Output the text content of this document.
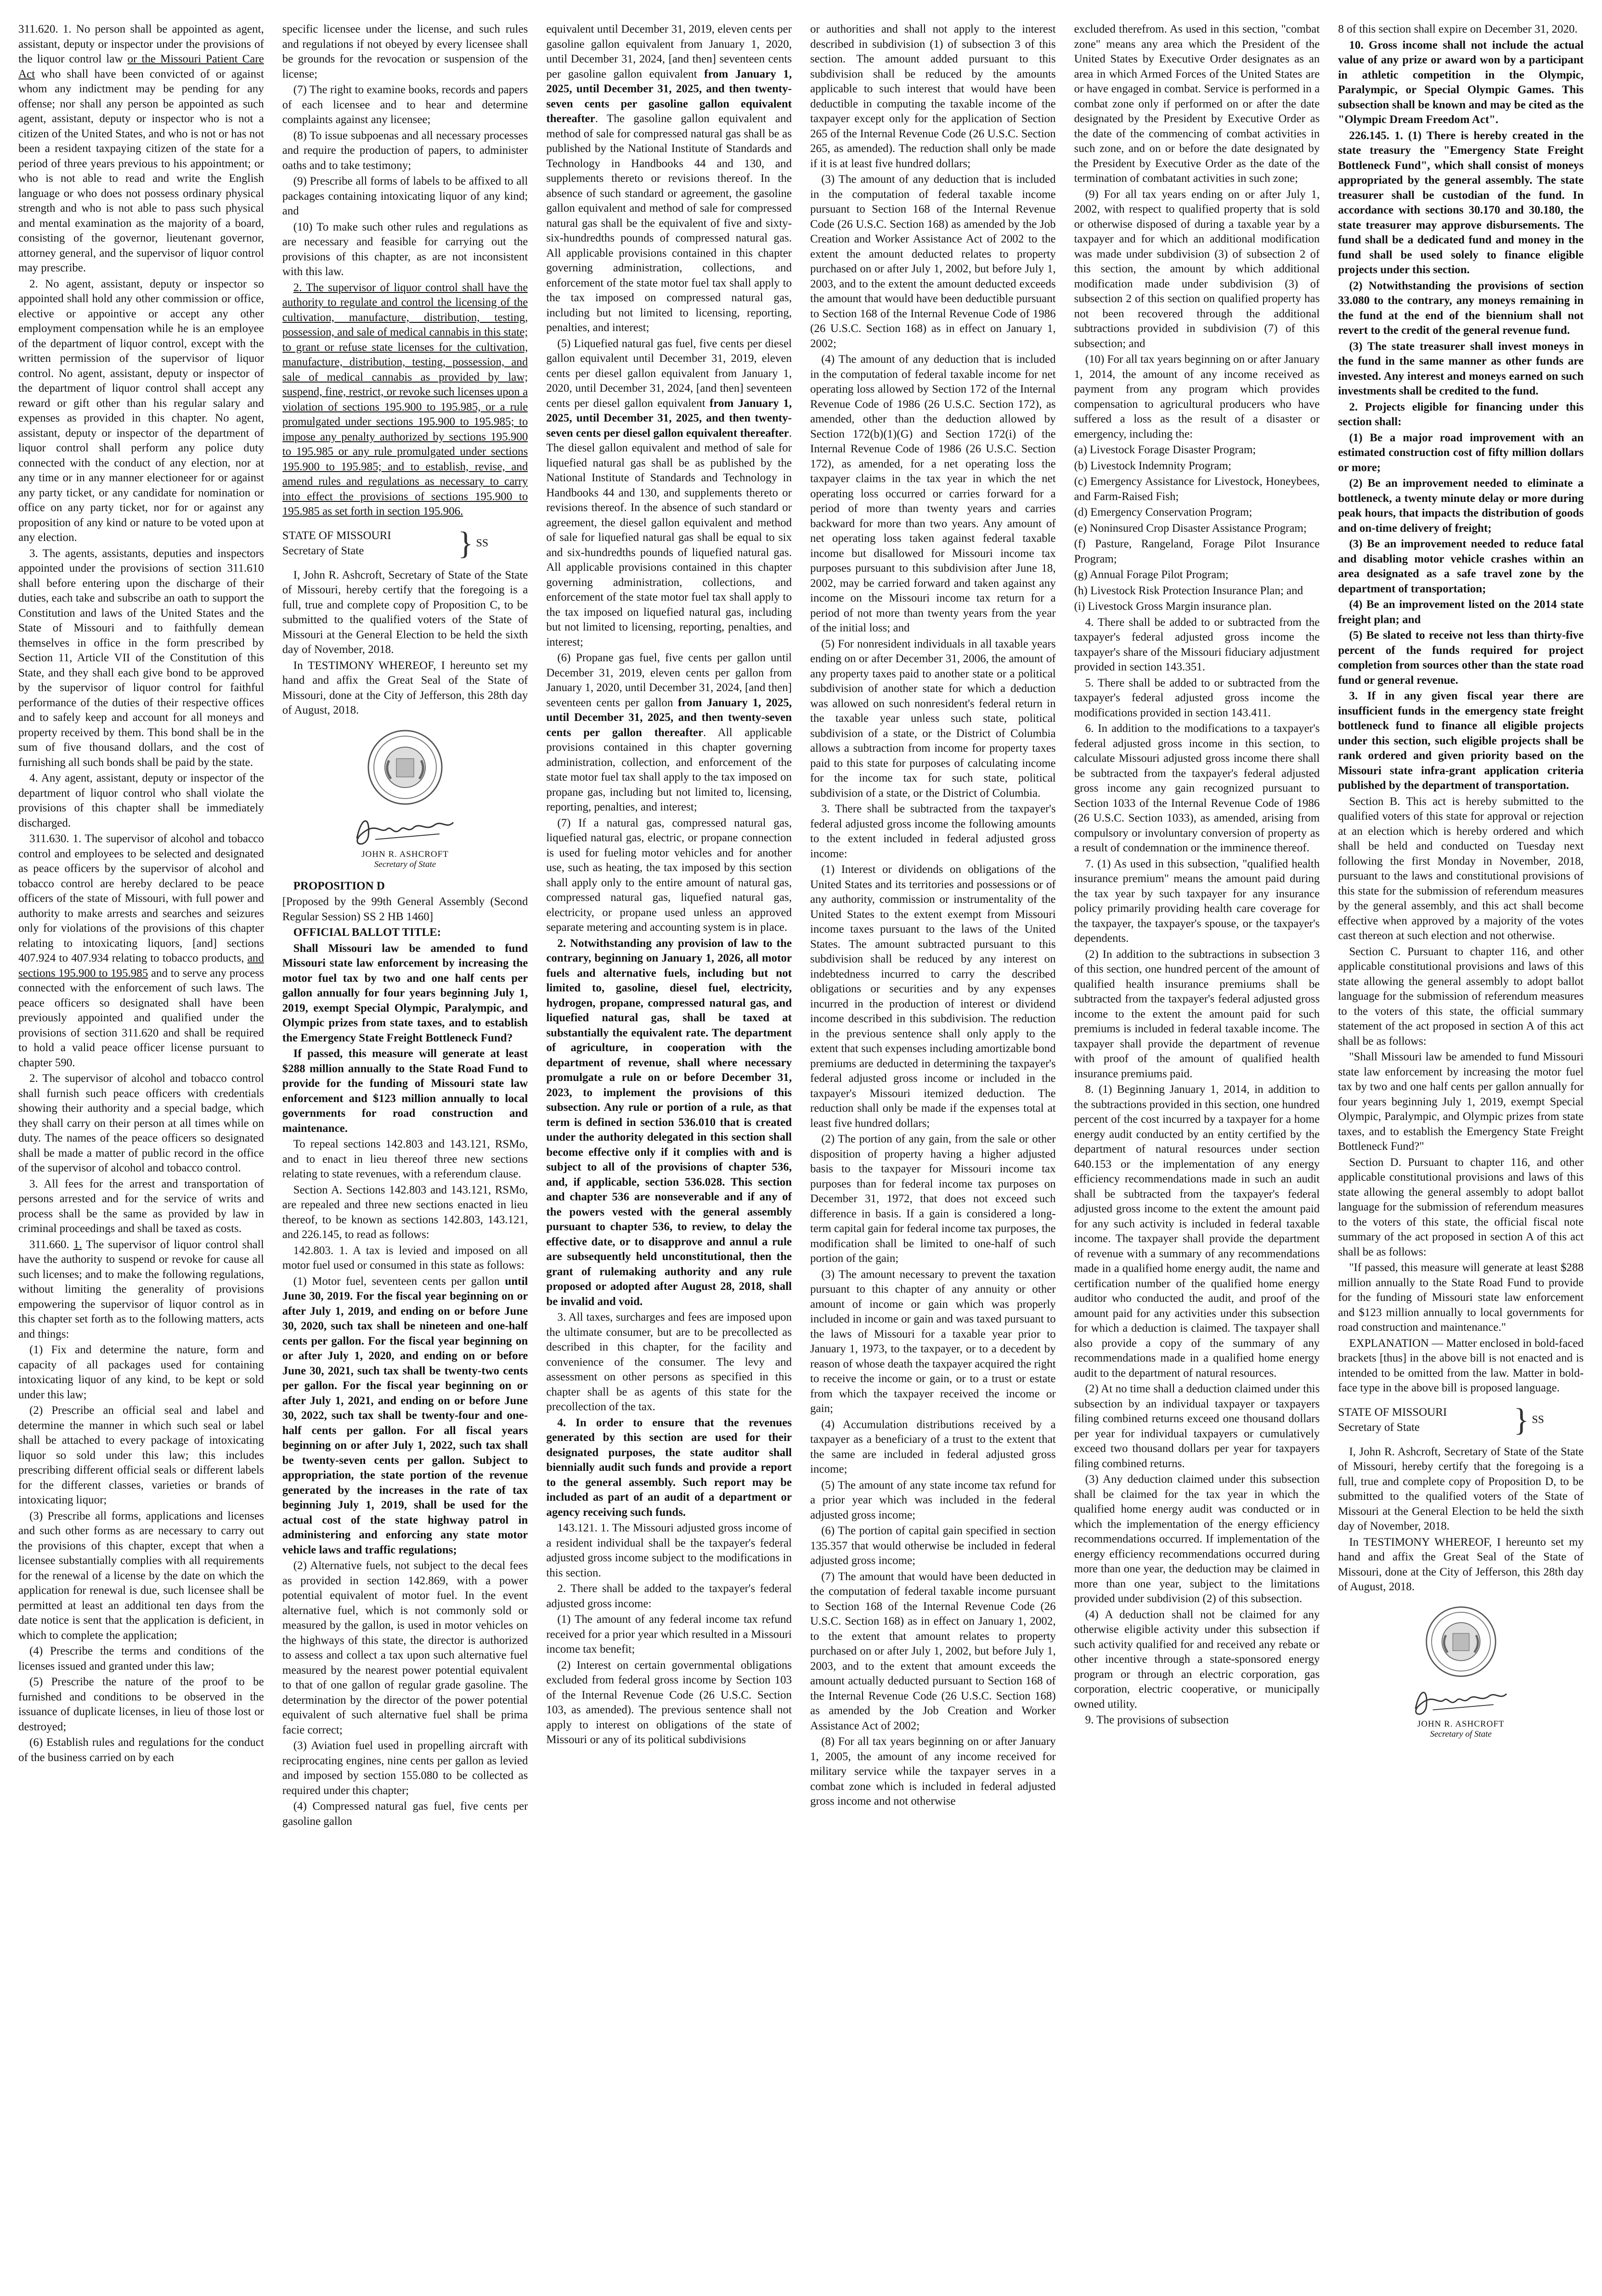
311.620. 1. No person shall be appointed as agent, assistant, deputy or inspector under the provisions of the liquor control law or the Missouri Patient Care Act who shall have been convicted of or against whom any indictment may be pending for any offense; nor shall any person be appointed as such agent, assistant, deputy or inspector who is not a citizen of the United States, and who is not or has not been a resident taxpaying citizen of the state for a period of three years previous to his appointment; or who is not able to read and write the English language or who does not possess ordinary physical strength and who is not able to pass such physical and mental examination as the majority of a board, consisting of the governor, lieutenant governor, attorney general, and the supervisor of liquor control may prescribe.

2. No agent, assistant, deputy or inspector so appointed shall hold any other commission or office, elective or appointive or accept any other employment compensation while he is an employee of the department of liquor control, except with the written permission of the supervisor of liquor control. No agent, assistant, deputy or inspector of the department of liquor control shall accept any reward or gift other than his regular salary and expenses as provided in this chapter. No agent, assistant, deputy or inspector of the department of liquor control shall perform any police duty connected with the conduct of any election, nor at any time or in any manner electioneer for or against any party ticket, or any candidate for nomination or office on any party ticket, nor for or against any proposition of any kind or nature to be voted upon at any election.

3. The agents, assistants, deputies and inspectors appointed under the provisions of section 311.610 shall before entering upon the discharge of their duties, each take and subscribe an oath to support the Constitution and laws of the United States and the State of Missouri and to faithfully demean themselves in office in the form prescribed by Section 11, Article VII of the Constitution of this State, and they shall each give bond to be approved by the supervisor of liquor control for faithful performance of the duties of their respective offices and to safely keep and account for all moneys and property received by them. This bond shall be in the sum of five thousand dollars, and the cost of furnishing all such bonds shall be paid by the state.

4. Any agent, assistant, deputy or inspector of the department of liquor control who shall violate the provisions of this chapter shall be immediately discharged.

311.630. 1. The supervisor of alcohol and tobacco control and employees to be selected and designated as peace officers by the supervisor of alcohol and tobacco control are hereby declared to be peace officers of the state of Missouri, with full power and authority to make arrests and searches and seizures only for violations of the provisions of this chapter relating to intoxicating liquors, [and] sections 407.924 to 407.934 relating to tobacco products, and sections 195.900 to 195.985 and to serve any process connected with the enforcement of such laws. The peace officers so designated shall have been previously appointed and qualified under the provisions of section 311.620 and shall be required to hold a valid peace officer license pursuant to chapter 590.

2. The supervisor of alcohol and tobacco control shall furnish such peace officers with credentials showing their authority and a special badge, which they shall carry on their person at all times while on duty. The names of the peace officers so designated shall be made a matter of public record in the office of the supervisor of alcohol and tobacco control.

3. All fees for the arrest and transportation of persons arrested and for the service of writs and process shall be the same as provided by law in criminal proceedings and shall be taxed as costs.

311.660. 1. The supervisor of liquor control shall have the authority to suspend or revoke for cause all such licenses; and to make the following regulations, without limiting the generality of provisions empowering the supervisor of liquor control as in this chapter set forth as to the following matters, acts and things:

(1) Fix and determine the nature, form and capacity of all packages used for containing intoxicating liquor of any kind, to be kept or sold under this law;

(2) Prescribe an official seal and label and determine the manner in which such seal or label shall be attached to every package of intoxicating liquor so sold under this law; this includes prescribing different official seals or different labels for the different classes, varieties or brands of intoxicating liquor;

(3) Prescribe all forms, applications and licenses and such other forms as are necessary to carry out the provisions of this chapter, except that when a licensee substantially complies with all requirements for the renewal of a license by the date on which the application for renewal is due, such licensee shall be permitted at least an additional ten days from the date notice is sent that the application is deficient, in which to complete the application;

(4) Prescribe the terms and conditions of the licenses issued and granted under this law;

(5) Prescribe the nature of the proof to be furnished and conditions to be observed in the issuance of duplicate licenses, in lieu of those lost or destroyed;

(6) Establish rules and regulations for the conduct of the business carried on by each

specific licensee under the license, and such rules and regulations if not obeyed by every licensee shall be grounds for the revocation or suspension of the license;

(7) The right to examine books, records and papers of each licensee and to hear and determine complaints against any licensee;

(8) To issue subpoenas and all necessary processes and require the production of papers, to administer oaths and to take testimony;

(9) Prescribe all forms of labels to be affixed to all packages containing intoxicating liquor of any kind; and

(10) To make such other rules and regulations as are necessary and feasible for carrying out the provisions of this chapter, as are not inconsistent with this law.

2. The supervisor of liquor control shall have the authority to regulate and control the licensing of the cultivation, manufacture, distribution, testing, possession, and sale of medical cannabis in this state; to grant or refuse state licenses for the cultivation, manufacture, distribution, testing, possession, and sale of medical cannabis as provided by law; suspend, fine, restrict, or revoke such licenses upon a violation of sections 195.900 to 195.985, or a rule promulgated under sections 195.900 to 195.985; to impose any penalty authorized by sections 195.900 to 195.985 or any rule promulgated under sections 195.900 to 195.985; and to establish, revise, and amend rules and regulations as necessary to carry into effect the provisions of sections 195.900 to 195.985 as set forth in section 195.906.

STATE OF MISSOURI
Secretary of State	} SS

I, John R. Ashcroft, Secretary of State of the State of Missouri, hereby certify that the foregoing is a full, true and complete copy of Proposition C, to be submitted to the qualified voters of the State of Missouri at the General Election to be held the sixth day of November, 2018.

In TESTIMONY WHEREOF, I hereunto set my hand and affix the Great Seal of the State of Missouri, done at the City of Jefferson, this 28th day of August, 2018.

JOHN R. ASHCROFT
Secretary of State

PROPOSITION D

[Proposed by the 99th General Assembly (Second Regular Session) SS 2 HB 1460]

OFFICIAL BALLOT TITLE:

Shall Missouri law be amended to fund Missouri state law enforcement by increasing the motor fuel tax by two and one half cents per gallon annually for four years beginning July 1, 2019, exempt Special Olympic, Paralympic, and Olympic prizes from state taxes, and to establish the Emergency State Freight Bottleneck Fund?

If passed, this measure will generate at least $288 million annually to the State Road Fund to provide for the funding of Missouri state law enforcement and $123 million annually to local governments for road construction and maintenance.

To repeal sections 142.803 and 143.121, RSMo, and to enact in lieu thereof three new sections relating to state revenues, with a referendum clause.

Section A. Sections 142.803 and 143.121, RSMo, are repealed and three new sections enacted in lieu thereof, to be known as sections 142.803, 143.121, and 226.145, to read as follows:

142.803. 1. A tax is levied and imposed on all motor fuel used or consumed in this state as follows:

(1) Motor fuel, seventeen cents per gallon until June 30, 2019. For the fiscal year beginning on or after July 1, 2019, and ending on or before June 30, 2020, such tax shall be nineteen and one-half cents per gallon. For the fiscal year beginning on or after July 1, 2020, and ending on or before June 30, 2021, such tax shall be twenty-two cents per gallon. For the fiscal year beginning on or after July 1, 2021, and ending on or before June 30, 2022, such tax shall be twenty-four and one-half cents per gallon. For all fiscal years beginning on or after July 1, 2022, such tax shall be twenty-seven cents per gallon. Subject to appropriation, the state portion of the revenue generated by the increases in the rate of tax beginning July 1, 2019, shall be used for the actual cost of the state highway patrol in administering and enforcing any state motor vehicle laws and traffic regulations;

(2) Alternative fuels, not subject to the decal fees as provided in section 142.869, with a power potential equivalent of motor fuel. In the event alternative fuel, which is not commonly sold or measured by the gallon, is used in motor vehicles on the highways of this state, the director is authorized to assess and collect a tax upon such alternative fuel measured by the nearest power potential equivalent to that of one gallon of regular grade gasoline. The determination by the director of the power potential equivalent of such alternative fuel shall be prima facie correct;

(3) Aviation fuel used in propelling aircraft with reciprocating engines, nine cents per gallon as levied and imposed by section 155.080 to be collected as required under this chapter;

(4) Compressed natural gas fuel, five cents per gasoline gallon

equivalent until December 31, 2019, eleven cents per gasoline gallon equivalent from January 1, 2020, until December 31, 2024, [and then] seventeen cents per gasoline gallon equivalent from January 1, 2025, until December 31, 2025, and then twenty-seven cents per gasoline gallon equivalent thereafter. The gasoline gallon equivalent and method of sale for compressed natural gas shall be as published by the National Institute of Standards and Technology in Handbooks 44 and 130, and supplements thereto or revisions thereof. In the absence of such standard or agreement, the gasoline gallon equivalent and method of sale for compressed natural gas shall be the equivalent of five and sixty-six-hundredths pounds of compressed natural gas. All applicable provisions contained in this chapter governing administration, collections, and enforcement of the state motor fuel tax shall apply to the tax imposed on compressed natural gas, including but not limited to licensing, reporting, penalties, and interest;

(5) Liquefied natural gas fuel, five cents per diesel gallon equivalent until December 31, 2019, eleven cents per diesel gallon equivalent from January 1, 2020, until December 31, 2024, [and then] seventeen cents per diesel gallon equivalent from January 1, 2025, until December 31, 2025, and then twenty-seven cents per diesel gallon equivalent thereafter. The diesel gallon equivalent and method of sale for liquefied natural gas shall be as published by the National Institute of Standards and Technology in Handbooks 44 and 130, and supplements thereto or revisions thereof. In the absence of such standard or agreement, the diesel gallon equivalent and method of sale for liquefied natural gas shall be equal to six and six-hundredths pounds of liquefied natural gas. All applicable provisions contained in this chapter governing administration, collections, and enforcement of the state motor fuel tax shall apply to the tax imposed on liquefied natural gas, including but not limited to licensing, reporting, penalties, and interest;

(6) Propane gas fuel, five cents per gallon until December 31, 2019, eleven cents per gallon from January 1, 2020, until December 31, 2024, [and then] seventeen cents per gallon from January 1, 2025, until December 31, 2025, and then twenty-seven cents per gallon thereafter. All applicable provisions contained in this chapter governing administration, collection, and enforcement of the state motor fuel tax shall apply to the tax imposed on propane gas, including but not limited to, licensing, reporting, penalties, and interest;

(7) If a natural gas, compressed natural gas, liquefied natural gas, electric, or propane connection is used for fueling motor vehicles and for another use, such as heating, the tax imposed by this section shall apply only to the entire amount of natural gas, compressed natural gas, liquefied natural gas, electricity, or propane used unless an approved separate metering and accounting system is in place.

2. Notwithstanding any provision of law to the contrary, beginning on January 1, 2026, all motor fuels and alternative fuels, including but not limited to, gasoline, diesel fuel, electricity, hydrogen, propane, compressed natural gas, and liquefied natural gas, shall be taxed at substantially the equivalent rate. The department of agriculture, in cooperation with the department of revenue, shall where necessary promulgate a rule on or before December 31, 2023, to implement the provisions of this subsection. Any rule or portion of a rule, as that term is defined in section 536.010 that is created under the authority delegated in this section shall become effective only if it complies with and is subject to all of the provisions of chapter 536, and, if applicable, section 536.028. This section and chapter 536 are nonseverable and if any of the powers vested with the general assembly pursuant to chapter 536, to review, to delay the effective date, or to disapprove and annul a rule are subsequently held unconstitutional, then the grant of rulemaking authority and any rule proposed or adopted after August 28, 2018, shall be invalid and void.

3. All taxes, surcharges and fees are imposed upon the ultimate consumer, but are to be precollected as described in this chapter, for the facility and convenience of the consumer. The levy and assessment on other persons as specified in this chapter shall be as agents of this state for the precollection of the tax.

4. In order to ensure that the revenues generated by this section are used for their designated purposes, the state auditor shall biennially audit such funds and provide a report to the general assembly. Such report may be included as part of an audit of a department or agency receiving such funds.

143.121. 1. The Missouri adjusted gross income of a resident individual shall be the taxpayer's federal adjusted gross income subject to the modifications in this section.

2. There shall be added to the taxpayer's federal adjusted gross income:

(1) The amount of any federal income tax refund received for a prior year which resulted in a Missouri income tax benefit;

(2) Interest on certain governmental obligations excluded from federal gross income by Section 103 of the Internal Revenue Code (26 U.S.C. Section 103, as amended). The previous sentence shall not apply to interest on obligations of the state of Missouri or any of its political subdivisions

or authorities and shall not apply to the interest described in subdivision (1) of subsection 3 of this section. The amount added pursuant to this subdivision shall be reduced by the amounts applicable to such interest that would have been deductible in computing the taxable income of the taxpayer except only for the application of Section 265 of the Internal Revenue Code (26 U.S.C. Section 265, as amended). The reduction shall only be made if it is at least five hundred dollars;

(3) The amount of any deduction that is included in the computation of federal taxable income pursuant to Section 168 of the Internal Revenue Code (26 U.S.C. Section 168) as amended by the Job Creation and Worker Assistance Act of 2002 to the extent the amount deducted relates to property purchased on or after July 1, 2002, but before July 1, 2003, and to the extent the amount deducted exceeds the amount that would have been deductible pursuant to Section 168 of the Internal Revenue Code of 1986 (26 U.S.C. Section 168) as in effect on January 1, 2002;

(4) The amount of any deduction that is included in the computation of federal taxable income for net operating loss allowed by Section 172 of the Internal Revenue Code of 1986 (26 U.S.C. Section 172), as amended, other than the deduction allowed by Section 172(b)(1)(G) and Section 172(i) of the Internal Revenue Code of 1986 (26 U.S.C. Section 172), as amended, for a net operating loss the taxpayer claims in the tax year in which the net operating loss occurred or carries forward for a period of more than twenty years and carries backward for more than two years. Any amount of net operating loss taken against federal taxable income but disallowed for Missouri income tax purposes pursuant to this subdivision after June 18, 2002, may be carried forward and taken against any income on the Missouri income tax return for a period of not more than twenty years from the year of the initial loss; and

(5) For nonresident individuals in all taxable years ending on or after December 31, 2006, the amount of any property taxes paid to another state or a political subdivision of another state for which a deduction was allowed on such nonresident's federal return in the taxable year unless such state, political subdivision of a state, or the District of Columbia allows a subtraction from income for property taxes paid to this state for purposes of calculating income for the income tax for such state, political subdivision of a state, or the District of Columbia.

3. There shall be subtracted from the taxpayer's federal adjusted gross income the following amounts to the extent included in federal adjusted gross income:

(1) Interest or dividends on obligations of the United States and its territories and possessions or of any authority, commission or instrumentality of the United States to the extent exempt from Missouri income taxes pursuant to the laws of the United States. The amount subtracted pursuant to this subdivision shall be reduced by any interest on indebtedness incurred to carry the described obligations or securities and by any expenses incurred in the production of interest or dividend income described in this subdivision. The reduction in the previous sentence shall only apply to the extent that such expenses including amortizable bond premiums are deducted in determining the taxpayer's federal adjusted gross income or included in the taxpayer's Missouri itemized deduction. The reduction shall only be made if the expenses total at least five hundred dollars;

(2) The portion of any gain, from the sale or other disposition of property having a higher adjusted basis to the taxpayer for Missouri income tax purposes than for federal income tax purposes on December 31, 1972, that does not exceed such difference in basis. If a gain is considered a long-term capital gain for federal income tax purposes, the modification shall be limited to one-half of such portion of the gain;

(3) The amount necessary to prevent the taxation pursuant to this chapter of any annuity or other amount of income or gain which was properly included in income or gain and was taxed pursuant to the laws of Missouri for a taxable year prior to January 1, 1973, to the taxpayer, or to a decedent by reason of whose death the taxpayer acquired the right to receive the income or gain, or to a trust or estate from which the taxpayer received the income or gain;

(4) Accumulation distributions received by a taxpayer as a beneficiary of a trust to the extent that the same are included in federal adjusted gross income;

(5) The amount of any state income tax refund for a prior year which was included in the federal adjusted gross income;

(6) The portion of capital gain specified in section 135.357 that would otherwise be included in federal adjusted gross income;

(7) The amount that would have been deducted in the computation of federal taxable income pursuant to Section 168 of the Internal Revenue Code (26 U.S.C. Section 168) as in effect on January 1, 2002, to the extent that amount relates to property purchased on or after July 1, 2002, but before July 1, 2003, and to the extent that amount exceeds the amount actually deducted pursuant to Section 168 of the Internal Revenue Code (26 U.S.C. Section 168) as amended by the Job Creation and Worker Assistance Act of 2002;

(8) For all tax years beginning on or after January 1, 2005, the amount of any income received for military service while the taxpayer serves in a combat zone which is included in federal adjusted gross income and not otherwise

excluded therefrom. As used in this section, "combat zone" means any area which the President of the United States by Executive Order designates as an area in which Armed Forces of the United States are or have engaged in combat. Service is performed in a combat zone only if performed on or after the date designated by the President by Executive Order as the date of the commencing of combat activities in such zone, and on or before the date designated by the President by Executive Order as the date of the termination of combatant activities in such zone;

(9) For all tax years ending on or after July 1, 2002, with respect to qualified property that is sold or otherwise disposed of during a taxable year by a taxpayer and for which an additional modification was made under subdivision (3) of subsection 2 of this section, the amount by which additional modification made under subdivision (3) of subsection 2 of this section on qualified property has not been recovered through the additional subtractions provided in subdivision (7) of this subsection; and

(10) For all tax years beginning on or after January 1, 2014, the amount of any income received as payment from any program which provides compensation to agricultural producers who have suffered a loss as the result of a disaster or emergency, including the:

(a) Livestock Forage Disaster Program;

(b) Livestock Indemnity Program;

(c) Emergency Assistance for Livestock, Honeybees, and Farm-Raised Fish;

(d) Emergency Conservation Program;

(e) Noninsured Crop Disaster Assistance Program;

(f) Pasture, Rangeland, Forage Pilot Insurance Program;

(g) Annual Forage Pilot Program;

(h) Livestock Risk Protection Insurance Plan; and

(i) Livestock Gross Margin insurance plan.

4. There shall be added to or subtracted from the taxpayer's federal adjusted gross income the taxpayer's share of the Missouri fiduciary adjustment provided in section 143.351.

5. There shall be added to or subtracted from the taxpayer's federal adjusted gross income the modifications provided in section 143.411.

6. In addition to the modifications to a taxpayer's federal adjusted gross income in this section, to calculate Missouri adjusted gross income there shall be subtracted from the taxpayer's federal adjusted gross income any gain recognized pursuant to Section 1033 of the Internal Revenue Code of 1986 (26 U.S.C. Section 1033), as amended, arising from compulsory or involuntary conversion of property as a result of condemnation or the imminence thereof.

7. (1) As used in this subsection, "qualified health insurance premium" means the amount paid during the tax year by such taxpayer for any insurance policy primarily providing health care coverage for the taxpayer, the taxpayer's spouse, or the taxpayer's dependents.

(2) In addition to the subtractions in subsection 3 of this section, one hundred percent of the amount of qualified health insurance premiums shall be subtracted from the taxpayer's federal adjusted gross income to the extent the amount paid for such premiums is included in federal taxable income. The taxpayer shall provide the department of revenue with proof of the amount of qualified health insurance premiums paid.

8. (1) Beginning January 1, 2014, in addition to the subtractions provided in this section, one hundred percent of the cost incurred by a taxpayer for a home energy audit conducted by an entity certified by the department of natural resources under section 640.153 or the implementation of any energy efficiency recommendations made in such an audit shall be subtracted from the taxpayer's federal adjusted gross income to the extent the amount paid for any such activity is included in federal taxable income. The taxpayer shall provide the department of revenue with a summary of any recommendations made in a qualified home energy audit, the name and certification number of the qualified home energy auditor who conducted the audit, and proof of the amount paid for any activities under this subsection for which a deduction is claimed. The taxpayer shall also provide a copy of the summary of any recommendations made in a qualified home energy audit to the department of natural resources.

(2) At no time shall a deduction claimed under this subsection by an individual taxpayer or taxpayers filing combined returns exceed one thousand dollars per year for individual taxpayers or cumulatively exceed two thousand dollars per year for taxpayers filing combined returns.

(3) Any deduction claimed under this subsection shall be claimed for the tax year in which the qualified home energy audit was conducted or in which the implementation of the energy efficiency recommendations occurred. If implementation of the energy efficiency recommendations occurred during more than one year, the deduction may be claimed in more than one year, subject to the limitations provided under subdivision (2) of this subsection.

(4) A deduction shall not be claimed for any otherwise eligible activity under this subsection if such activity qualified for and received any rebate or other incentive through a state-sponsored energy program or through an electric corporation, gas corporation, electric cooperative, or municipally owned utility.

9. The provisions of subsection

8 of this section shall expire on December 31, 2020.

10. Gross income shall not include the actual value of any prize or award won by a participant in athletic competition in the Olympic, Paralympic, or Special Olympic Games. This subsection shall be known and may be cited as the "Olympic Dream Freedom Act".

226.145. 1. (1) There is hereby created in the state treasury the "Emergency State Freight Bottleneck Fund", which shall consist of moneys appropriated by the general assembly. The state treasurer shall be custodian of the fund. In accordance with sections 30.170 and 30.180, the state treasurer may approve disbursements. The fund shall be a dedicated fund and money in the fund shall be used solely to finance eligible projects under this section.

(2) Notwithstanding the provisions of section 33.080 to the contrary, any moneys remaining in the fund at the end of the biennium shall not revert to the credit of the general revenue fund.

(3) The state treasurer shall invest moneys in the fund in the same manner as other funds are invested. Any interest and moneys earned on such investments shall be credited to the fund.

2. Projects eligible for financing under this section shall:

(1) Be a major road improvement with an estimated construction cost of fifty million dollars or more;

(2) Be an improvement needed to eliminate a bottleneck, a twenty minute delay or more during peak hours, that impacts the distribution of goods and on-time delivery of freight;

(3) Be an improvement needed to reduce fatal and disabling motor vehicle crashes within an area designated as a safe travel zone by the department of transportation;

(4) Be an improvement listed on the 2014 state freight plan; and

(5) Be slated to receive not less than thirty-five percent of the funds required for project completion from sources other than the state road fund or general revenue.

3. If in any given fiscal year there are insufficient funds in the emergency state freight bottleneck fund to finance all eligible projects under this section, such eligible projects shall be rank ordered and given priority based on the Missouri state infra-grant application criteria published by the department of transportation.

Section B. This act is hereby submitted to the qualified voters of this state for approval or rejection at an election which is hereby ordered and which shall be held and conducted on Tuesday next following the first Monday in November, 2018, pursuant to the laws and constitutional provisions of this state for the submission of referendum measures by the general assembly, and this act shall become effective when approved by a majority of the votes cast thereon at such election and not otherwise.

Section C. Pursuant to chapter 116, and other applicable constitutional provisions and laws of this state allowing the general assembly to adopt ballot language for the submission of referendum measures to the voters of this state, the official summary statement of the act proposed in section A of this act shall be as follows:

"Shall Missouri law be amended to fund Missouri state law enforcement by increasing the motor fuel tax by two and one half cents per gallon annually for four years beginning July 1, 2019, exempt Special Olympic, Paralympic, and Olympic prizes from state taxes, and to establish the Emergency State Freight Bottleneck Fund?"

Section D. Pursuant to chapter 116, and other applicable constitutional provisions and laws of this state allowing the general assembly to adopt ballot language for the submission of referendum measures to the voters of this state, the official fiscal note summary of the act proposed in section A of this act shall be as follows:

"If passed, this measure will generate at least $288 million annually to the State Road Fund to provide for the funding of Missouri state law enforcement and $123 million annually to local governments for road construction and maintenance."

EXPLANATION — Matter enclosed in bold-faced brackets [thus] in the above bill is not enacted and is intended to be omitted from the law. Matter in bold-face type in the above bill is proposed language.

STATE OF MISSOURI
Secretary of State	} SS

I, John R. Ashcroft, Secretary of State of the State of Missouri, hereby certify that the foregoing is a full, true and complete copy of Proposition D, to be submitted to the qualified voters of the State of Missouri at the General Election to be held the sixth day of November, 2018.

In TESTIMONY WHEREOF, I hereunto set my hand and affix the Great Seal of the State of Missouri, done at the City of Jefferson, this 28th day of August, 2018.

JOHN R. ASHCROFT
Secretary of State
